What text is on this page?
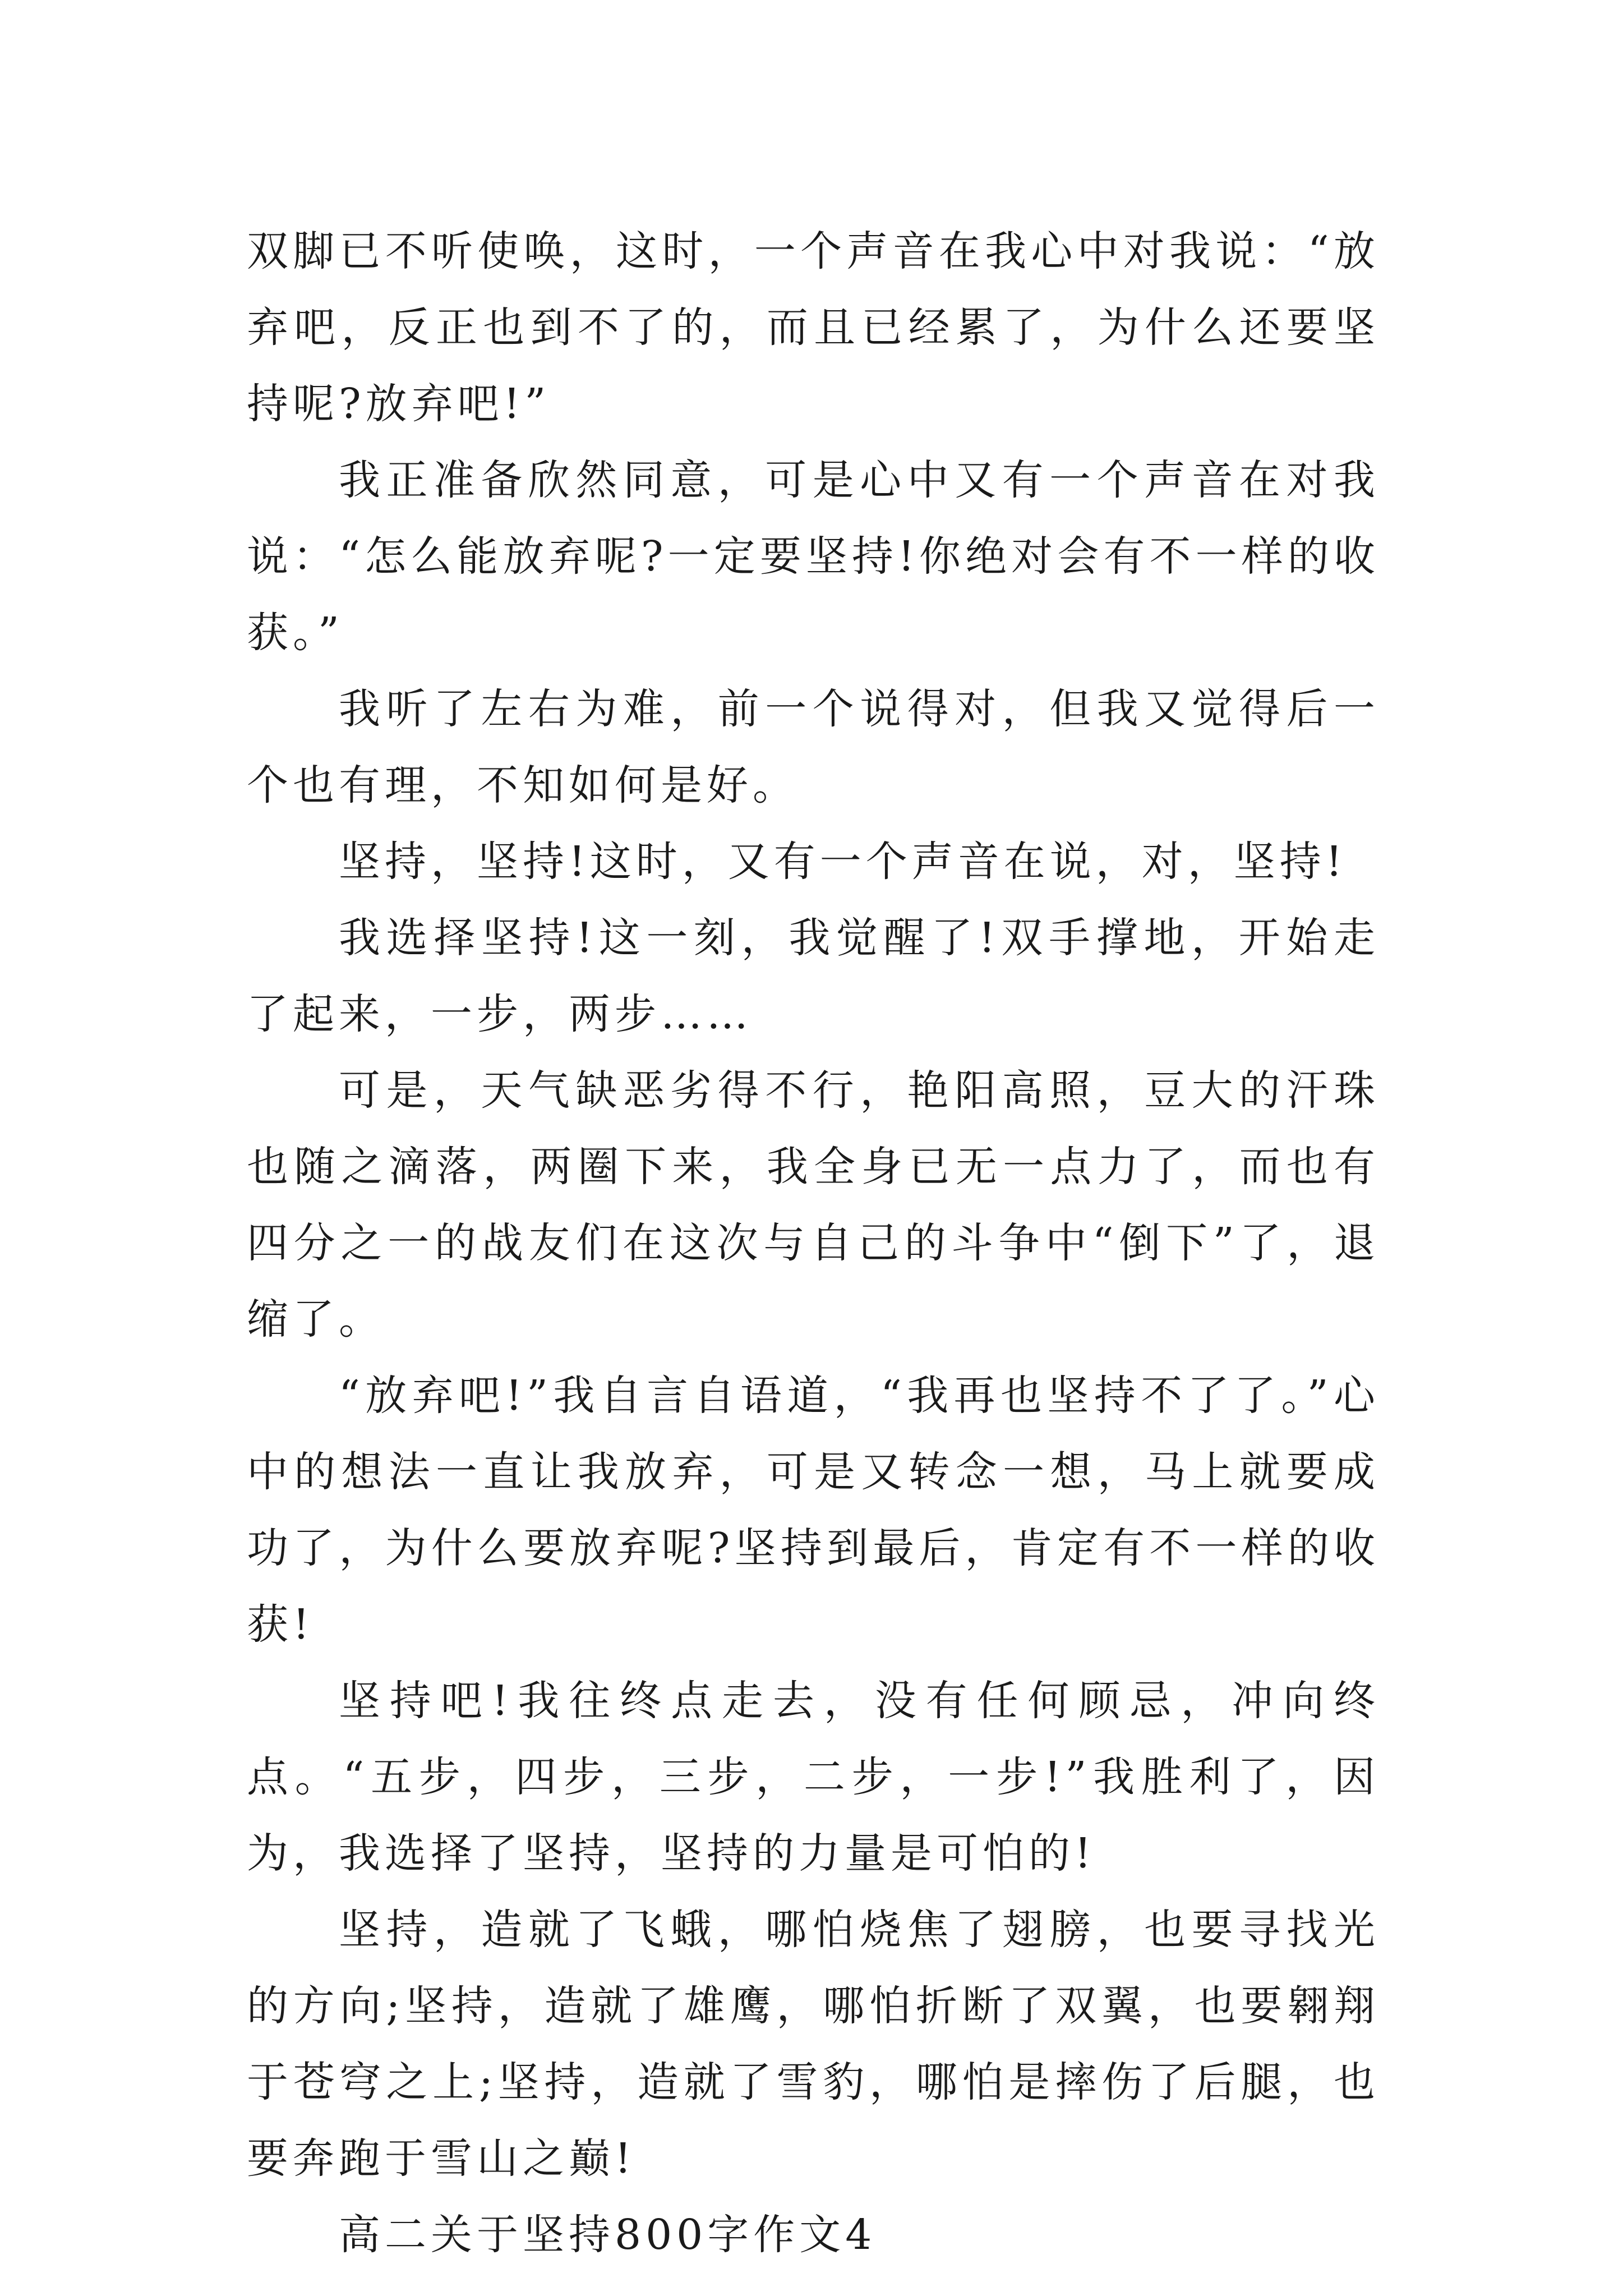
双脚已不听使唤，这时，一个声音在我心中对我说：“放弃吧，反正也到不了的，而且已经累了，为什么还要坚持呢?放弃吧!”

我正准备欣然同意，可是心中又有一个声音在对我说：“怎么能放弃呢?一定要坚持!你绝对会有不一样的收获。”

我听了左右为难，前一个说得对，但我又觉得后一个也有理，不知如何是好。

坚持，坚持!这时，又有一个声音在说，对，坚持!

我选择坚持!这一刻，我觉醒了!双手撑地，开始走了起来，一步，两步……

可是，天气缺恶劣得不行，艳阳高照，豆大的汗珠也随之滴落，两圈下来，我全身已无一点力了，而也有四分之一的战友们在这次与自己的斗争中“倒下”了，退缩了。

“放弃吧!”我自言自语道，“我再也坚持不了了。”心中的想法一直让我放弃，可是又转念一想，马上就要成功了，为什么要放弃呢?坚持到最后，肯定有不一样的收获!

坚持吧!我往终点走去，没有任何顾忌，冲向终点。“五步，四步，三步，二步，一步!”我胜利了，因为，我选择了坚持，坚持的力量是可怕的!

坚持，造就了飞蛾，哪怕烧焦了翅膀，也要寻找光的方向;坚持，造就了雄鹰，哪怕折断了双翼，也要翱翔于苍穹之上;坚持，造就了雪豹，哪怕是摔伤了后腿，也要奔跑于雪山之巅!

高二关于坚持800字作文4
